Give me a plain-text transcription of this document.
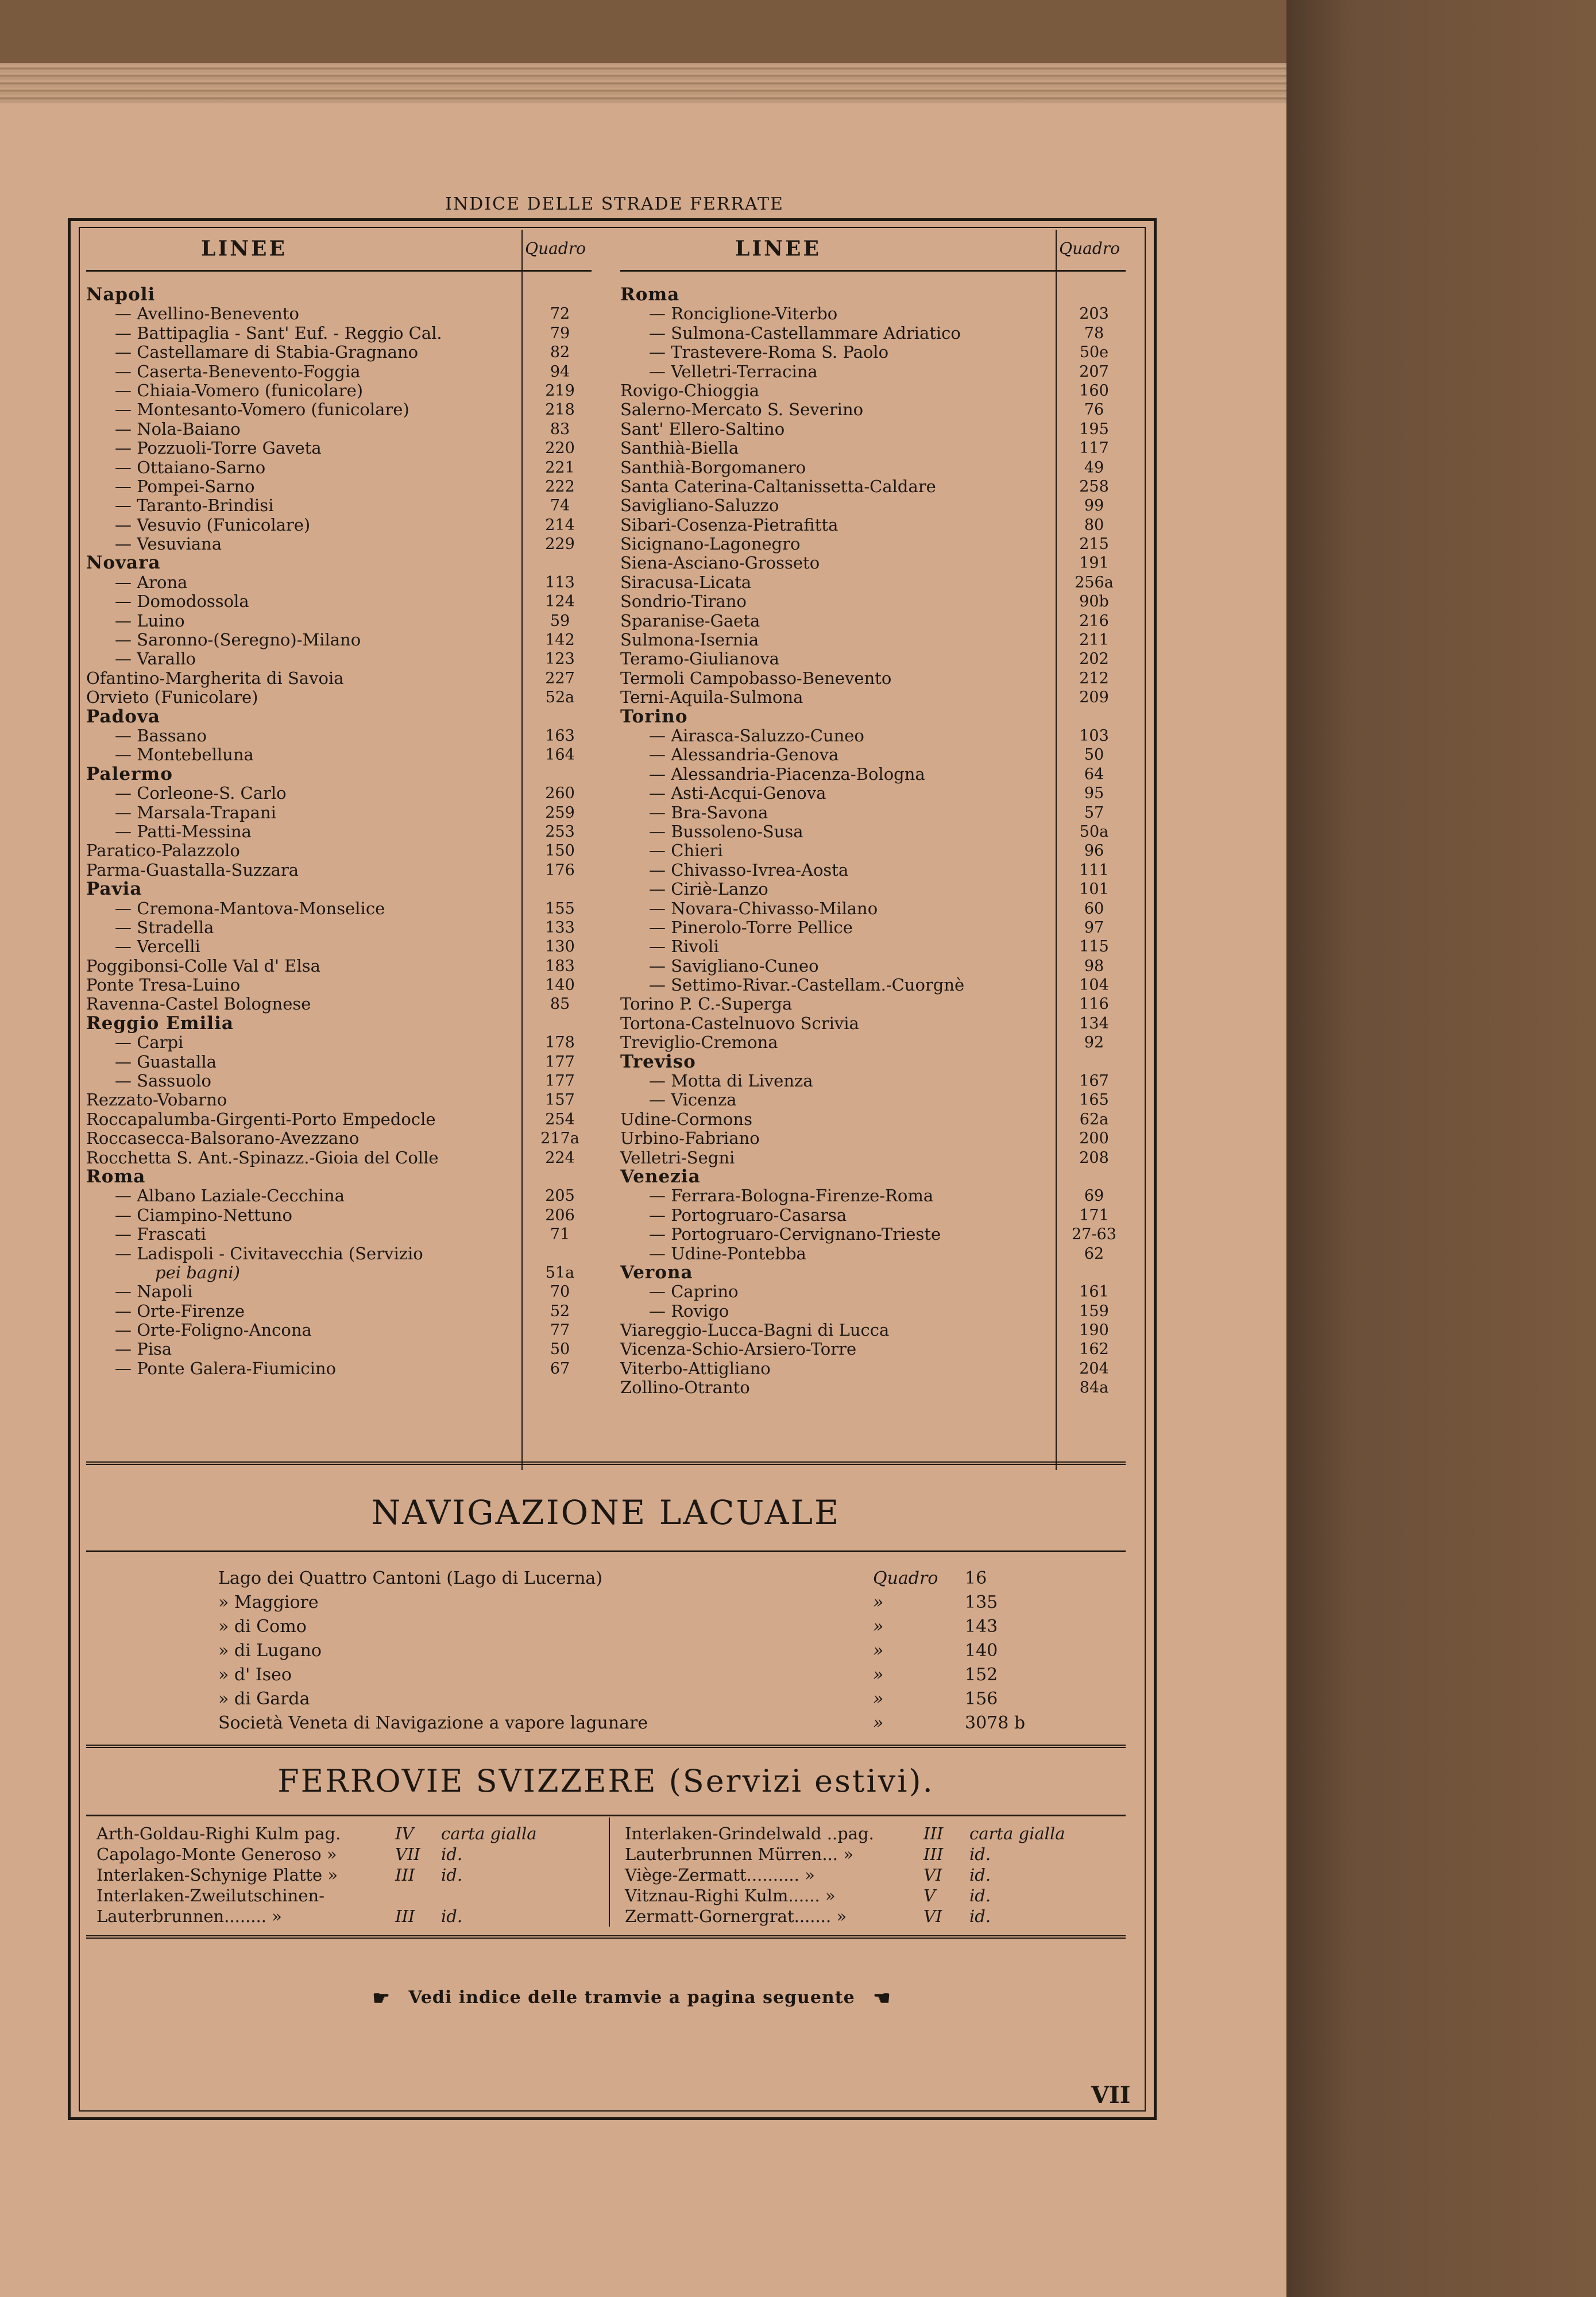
INDICE DELLE STRADE FERRATE
LINEE	Quadro
Napoli
— Avellino-Benevento	72
— Battipaglia - Sant' Euf. - Reggio Cal.	79
— Castellamare di Stabia-Gragnano	82
— Caserta-Benevento-Foggia	94
— Chiaia-Vomero (funicolare)	219
— Montesanto-Vomero (funicolare)	218
— Nola-Baiano	83
— Pozzuoli-Torre Gaveta	220
— Ottaiano-Sarno	221
— Pompei-Sarno	222
— Taranto-Brindisi	74
— Vesuvio (Funicolare)	214
— Vesuviana	229
Novara
— Arona	113
— Domodossola	124
— Luino	59
— Saronno-(Seregno)-Milano	142
— Varallo	123
Ofantino-Margherita di Savoia	227
Orvieto (Funicolare)	52a
Padova
— Bassano	163
— Montebelluna	164
Palermo
— Corleone-S. Carlo	260
— Marsala-Trapani	259
— Patti-Messina	253
Paratico-Palazzolo	150
Parma-Guastalla-Suzzara	176
Pavia
— Cremona-Mantova-Monselice	155
— Stradella	133
— Vercelli	130
Poggibonsi-Colle Val d' Elsa	183
Ponte Tresa-Luino	140
Ravenna-Castel Bolognese	85
Reggio Emilia
— Carpi	178
— Guastalla	177
— Sassuolo	177
Rezzato-Vobarno	157
Roccapalumba-Girgenti-Porto Empedocle	254
Roccasecca-Balsorano-Avezzano	217a
Rocchetta S. Ant.-Spinazz.-Gioia del Colle	224
Roma
— Albano Laziale-Cecchina	205
— Ciampino-Nettuno	206
— Frascati	71
— Ladispoli - Civitavecchia (Servizio
pei bagni)	51a
— Napoli	70
— Orte-Firenze	52
— Orte-Foligno-Ancona	77
— Pisa	50
— Ponte Galera-Fiumicino	67
LINEE	Quadro
Roma
— Ronciglione-Viterbo	203
— Sulmona-Castellammare Adriatico	78
— Trastevere-Roma S. Paolo	50e
— Velletri-Terracina	207
Rovigo-Chioggia	160
Salerno-Mercato S. Severino	76
Sant' Ellero-Saltino	195
Santhià-Biella	117
Santhià-Borgomanero	49
Santa Caterina-Caltanissetta-Caldare	258
Savigliano-Saluzzo	99
Sibari-Cosenza-Pietrafitta	80
Sicignano-Lagonegro	215
Siena-Asciano-Grosseto	191
Siracusa-Licata	256a
Sondrio-Tirano	90b
Sparanise-Gaeta	216
Sulmona-Isernia	211
Teramo-Giulianova	202
Termoli Campobasso-Benevento	212
Terni-Aquila-Sulmona	209
Torino
— Airasca-Saluzzo-Cuneo	103
— Alessandria-Genova	50
— Alessandria-Piacenza-Bologna	64
— Asti-Acqui-Genova	95
— Bra-Savona	57
— Bussoleno-Susa	50a
— Chieri	96
— Chivasso-Ivrea-Aosta	111
— Ciriè-Lanzo	101
— Novara-Chivasso-Milano	60
— Pinerolo-Torre Pellice	97
— Rivoli	115
— Savigliano-Cuneo	98
— Settimo-Rivar.-Castellam.-Cuorgnè	104
Torino P. C.-Superga	116
Tortona-Castelnuovo Scrivia	134
Treviglio-Cremona	92
Treviso
— Motta di Livenza	167
— Vicenza	165
Udine-Cormons	62a
Urbino-Fabriano	200
Velletri-Segni	208
Venezia
— Ferrara-Bologna-Firenze-Roma	69
— Portogruaro-Casarsa	171
— Portogruaro-Cervignano-Trieste	27-63
— Udine-Pontebba	62
Verona
— Caprino	161
— Rovigo	159
Viareggio-Lucca-Bagni di Lucca	190
Vicenza-Schio-Arsiero-Torre	162
Viterbo-Attigliano	204
Zollino-Otranto	84a
NAVIGAZIONE LACUALE
Lago dei Quattro Cantoni (Lago di Lucerna)	Quadro 16
» Maggiore	»	135
» di Como	»	143
» di Lugano	»	140
» d' Iseo	»	152
» di Garda	»	156
Società Veneta di Navigazione a vapore lagunare	»	3078 b
FERROVIE SVIZZERE (Servizi estivi).
Arth-Goldau-Righi Kulm pag.	IV carta gialla
Capolago-Monte Generoso »	VII id.
Interlaken-Schynige Platte »	III id.
Interlaken-Zweilutschinen-
Lauterbrunnen........ »	III id.
Interlaken-Grindelwald ..pag.	III carta gialla
Lauterbrunnen Mürren... »	III id.
Viège-Zermatt.......... »	VI id.
Vitznau-Righi Kulm...... »	V id.
Zermatt-Gornergrat....... »	VI id.
☛ Vedi indice delle tramvie a pagina seguente ☚
VII
